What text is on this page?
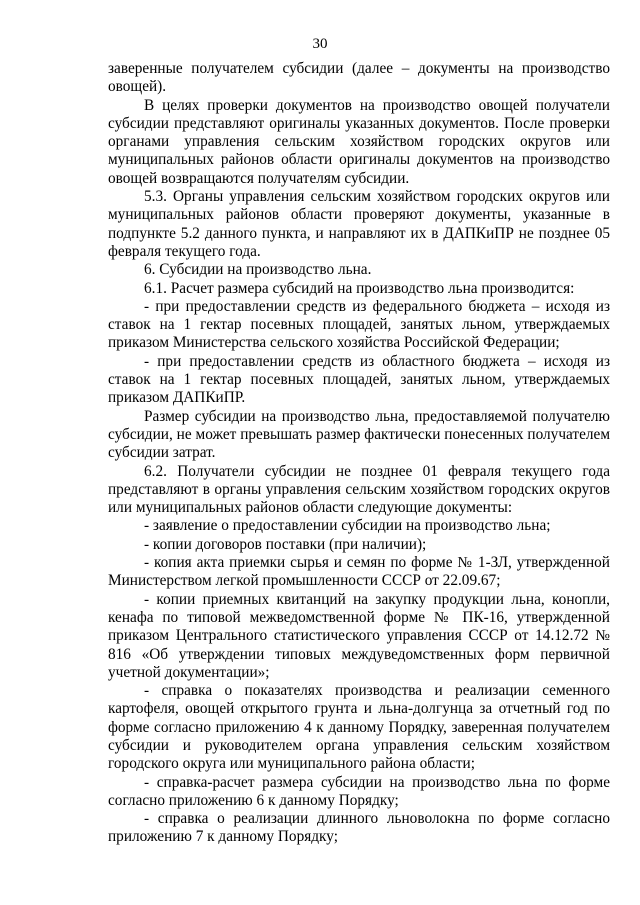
30

заверенные получателем субсидии (далее – документы на производство овощей).

В целях проверки документов на производство овощей получатели субсидии представляют оригиналы указанных документов. После проверки органами управления сельским хозяйством городских округов или муниципальных районов области оригиналы документов на производство овощей возвращаются получателям субсидии.

5.3. Органы управления сельским хозяйством городских округов или муниципальных районов области проверяют документы, указанные в подпункте 5.2 данного пункта, и направляют их в ДАПКиПР не позднее 05 февраля текущего года.

6. Субсидии на производство льна.

6.1. Расчет размера субсидий на производство льна производится:

- при предоставлении средств из федерального бюджета – исходя из ставок на 1 гектар посевных площадей, занятых льном, утверждаемых приказом Министерства сельского хозяйства Российской Федерации;

- при предоставлении средств из областного бюджета – исходя из ставок на 1 гектар посевных площадей, занятых льном, утверждаемых приказом ДАПКиПР.

Размер субсидии на производство льна, предоставляемой получателю субсидии, не может превышать размер фактически понесенных получателем субсидии затрат.

6.2. Получатели субсидии не позднее 01 февраля текущего года представляют в органы управления сельским хозяйством городских округов или муниципальных районов области следующие документы:

- заявление о предоставлении субсидии на производство льна;

- копии договоров поставки (при наличии);

- копия акта приемки сырья и семян по форме № 1-ЗЛ, утвержденной Министерством легкой промышленности СССР от 22.09.67;

- копии приемных квитанций на закупку продукции льна, конопли, кенафа по типовой межведомственной форме № ПК-16, утвержденной приказом Центрального статистического управления СССР от 14.12.72 № 816 «Об утверждении типовых междуведомственных форм первичной учетной документации»;

- справка о показателях производства и реализации семенного картофеля, овощей открытого грунта и льна-долгунца за отчетный год по форме согласно приложению 4 к данному Порядку, заверенная получателем субсидии и руководителем органа управления сельским хозяйством городского округа или муниципального района области;

- справка-расчет размера субсидии на производство льна по форме согласно приложению 6 к данному Порядку;

- справка о реализации длинного льноволокна по форме согласно приложению 7 к данному Порядку;
